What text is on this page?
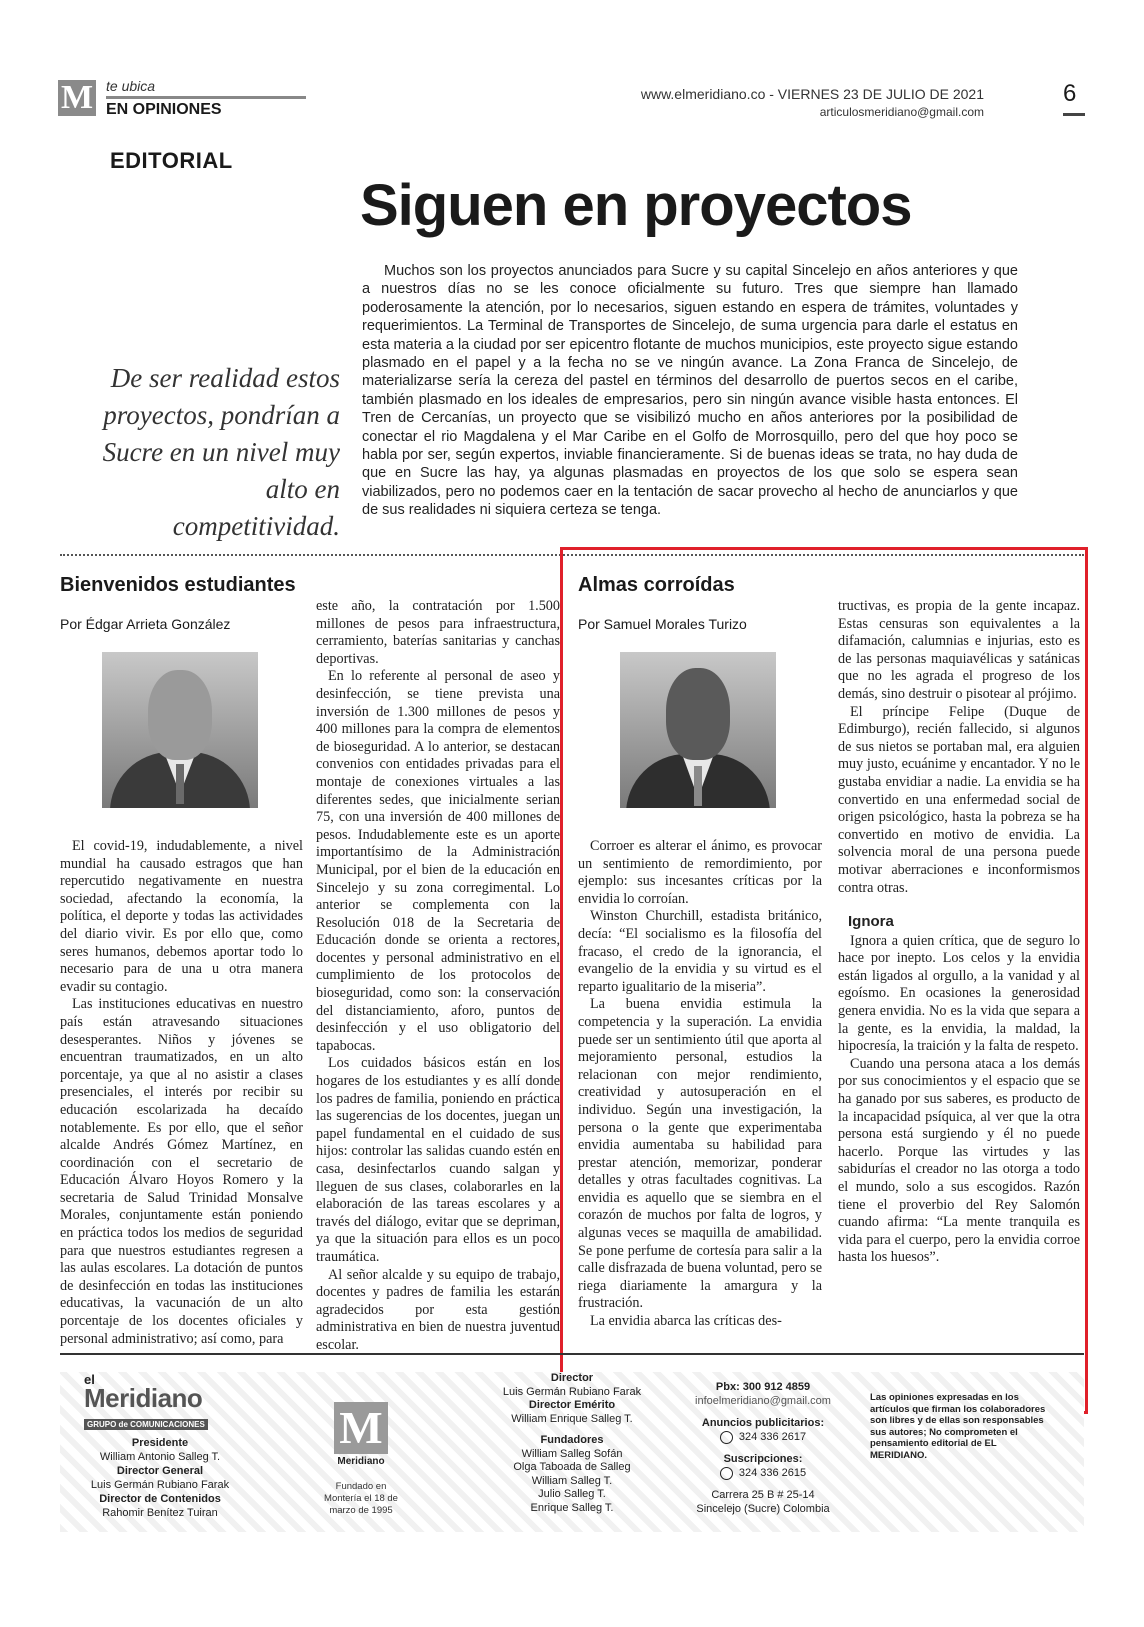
M te ubica
EN OPINIONES
www.elmeridiano.co - VIERNES 23 DE JULIO DE 2021
articulosmeridiano@gmail.com
6
EDITORIAL
Siguen en proyectos
De ser realidad estos proyectos, pondrían a Sucre en un nivel muy alto en competitividad.

Muchos son los proyectos anunciados para Sucre y su capital Sincelejo en años anteriores y que a nuestros días no se les conoce oficialmente su futuro. Tres que siempre han llamado poderosamente la atención, por lo necesarios, siguen estando en espera de trámites, voluntades y requerimientos. La Terminal de Transportes de Sincelejo, de suma urgencia para darle el estatus en esta materia a la ciudad por ser epicentro flotante de muchos municipios, este proyecto sigue estando plasmado en el papel y a la fecha no se ve ningún avance. La Zona Franca de Sincelejo, de materializarse sería la cereza del pastel en términos del desarrollo de puertos secos en el caribe, también plasmado en los ideales de empresarios, pero sin ningún avance visible hasta entonces. El Tren de Cercanías, un proyecto que se visibilizó mucho en años anteriores por la posibilidad de conectar el rio Magdalena y el Mar Caribe en el Golfo de Morrosquillo, pero del que hoy poco se habla por ser, según expertos, inviable financieramente. Si de buenas ideas se trata, no hay duda de que en Sucre las hay, ya algunas plasmadas en proyectos de los que solo se espera sean viabilizados, pero no podemos caer en la tentación de sacar provecho al hecho de anunciarlos y que de sus realidades ni siquiera certeza se tenga.

Bienvenidos estudiantes
Por Édgar Arrieta González

El covid-19, indudablemente, a nivel mundial ha causado estragos que han repercutido negativamente en nuestra sociedad, afectando la economía, la política, el deporte y todas las actividades del diario vivir. Es por ello que, como seres humanos, debemos aportar todo lo necesario para de una u otra manera evadir su contagio.

Las instituciones educativas en nuestro país están atravesando situaciones desesperantes. Niños y jóvenes se encuentran traumatizados, en un alto porcentaje, ya que al no asistir a clases presenciales, el interés por recibir su educación escolarizada ha decaído notablemente. Es por ello, que el señor alcalde Andrés Gómez Martínez, en coordinación con el secretario de Educación Álvaro Hoyos Romero y la secretaria de Salud Trinidad Monsalve Morales, conjuntamente están poniendo en práctica todos los medios de seguridad para que nuestros estudiantes regresen a las aulas escolares. La dotación de puntos de desinfección en todas las instituciones educativas, la vacunación de un alto porcentaje de los docentes oficiales y personal administrativo; así como, para

este año, la contratación por 1.500 millones de pesos para infraestructura, cerramiento, baterías sanitarias y canchas deportivas.

En lo referente al personal de aseo y desinfección, se tiene prevista una inversión de 1.300 millones de pesos y 400 millones para la compra de elementos de bioseguridad. A lo anterior, se destacan convenios con entidades privadas para el montaje de conexiones virtuales a las diferentes sedes, que inicialmente serian 75, con una inversión de 400 millones de pesos. Indudablemente este es un aporte importantísimo de la Administración Municipal, por el bien de la educación en Sincelejo y su zona corregimental. Lo anterior se complementa con la Resolución 018 de la Secretaria de Educación donde se orienta a rectores, docentes y personal administrativo en el cumplimiento de los protocolos de bioseguridad, como son: la conservación del distanciamiento, aforo, puntos de desinfección y el uso obligatorio del tapabocas.

Los cuidados básicos están en los hogares de los estudiantes y es allí donde los padres de familia, poniendo en práctica las sugerencias de los docentes, juegan un papel fundamental en el cuidado de sus hijos: controlar las salidas cuando estén en casa, desinfectarlos cuando salgan y lleguen de sus clases, colaborarles en la elaboración de las tareas escolares y a través del diálogo, evitar que se depriman, ya que la situación para ellos es un poco traumática.

Al señor alcalde y su equipo de trabajo, docentes y padres de familia les estarán agradecidos por esta gestión administrativa en bien de nuestra juventud escolar.

Almas corroídas
Por Samuel Morales Turizo

Corroer es alterar el ánimo, es provocar un sentimiento de remordimiento, por ejemplo: sus incesantes críticas por la envidia lo corroían.

Winston Churchill, estadista británico, decía: “El socialismo es la filosofía del fracaso, el credo de la ignorancia, el evangelio de la envidia y su virtud es el reparto igualitario de la miseria”.

La buena envidia estimula la competencia y la superación. La envidia puede ser un sentimiento útil que aporta al mejoramiento personal, estudios la relacionan con mejor rendimiento, creatividad y autosuperación en el individuo. Según una investigación, la persona o la gente que experimentaba envidia aumentaba su habilidad para prestar atención, memorizar, ponderar detalles y otras facultades cognitivas. La envidia es aquello que se siembra en el corazón de muchos por falta de logros, y algunas veces se maquilla de amabilidad. Se pone perfume de cortesía para salir a la calle disfrazada de buena voluntad, pero se riega diariamente la amargura y la frustración.

La envidia abarca las críticas des-

tructivas, es propia de la gente incapaz. Estas censuras son equivalentes a la difamación, calumnias e injurias, esto es de las personas maquiavélicas y satánicas que no les agrada el progreso de los demás, sino destruir o pisotear al prójimo.

El príncipe Felipe (Duque de Edimburgo), recién fallecido, si algunos de sus nietos se portaban mal, era alguien muy justo, ecuánime y encantador. Y no le gustaba envidiar a nadie. La envidia se ha convertido en una enfermedad social de origen psicológico, hasta la pobreza se ha convertido en motivo de envidia. La solvencia moral de una persona puede motivar aberraciones e inconformismos contra otras.

Ignora

Ignora a quien crítica, que de seguro lo hace por inepto. Los celos y la envidia están ligados al orgullo, a la vanidad y al egoísmo. En ocasiones la generosidad genera envidia. No es la vida que separa a la gente, es la envidia, la maldad, la hipocresía, la traición y la falta de respeto.

Cuando una persona ataca a los demás por sus conocimientos y el espacio que se ha ganado por sus saberes, es producto de la incapacidad psíquica, al ver que la otra persona está surgiendo y él no puede hacerlo. Porque las virtudes y las sabidurías el creador no las otorga a todo el mundo, solo a sus escogidos. Razón tiene el proverbio del Rey Salomón cuando afirma: “La mente tranquila es vida para el cuerpo, pero la envidia corroe hasta los huesos”.

el
Meridiano
GRUPO de COMUNICACIONES
Presidente
William Antonio Salleg T.
Director General
Luis Germán Rubiano Farak
Director de Contenidos
Rahomir Benítez Tuiran
M
Meridiano
Fundado en Montería el 18 de marzo de 1995
Director
Luis Germán Rubiano Farak
Director Emérito
William Enrique Salleg T.
Fundadores
William Salleg Sofán
Olga Taboada de Salleg
William Salleg T.
Julio Salleg T.
Enrique Salleg T.
Pbx: 300 912 4859
infoelmeridiano@gmail.com
Anuncios publicitarios:
324 336 2617
Suscripciones:
324 336 2615
Carrera 25 B # 25-14
Sincelejo (Sucre) Colombia
Las opiniones expresadas en los artículos que firman los colaboradores son libres y de ellas son responsables sus autores; No comprometen el pensamiento editorial de EL MERIDIANO.
